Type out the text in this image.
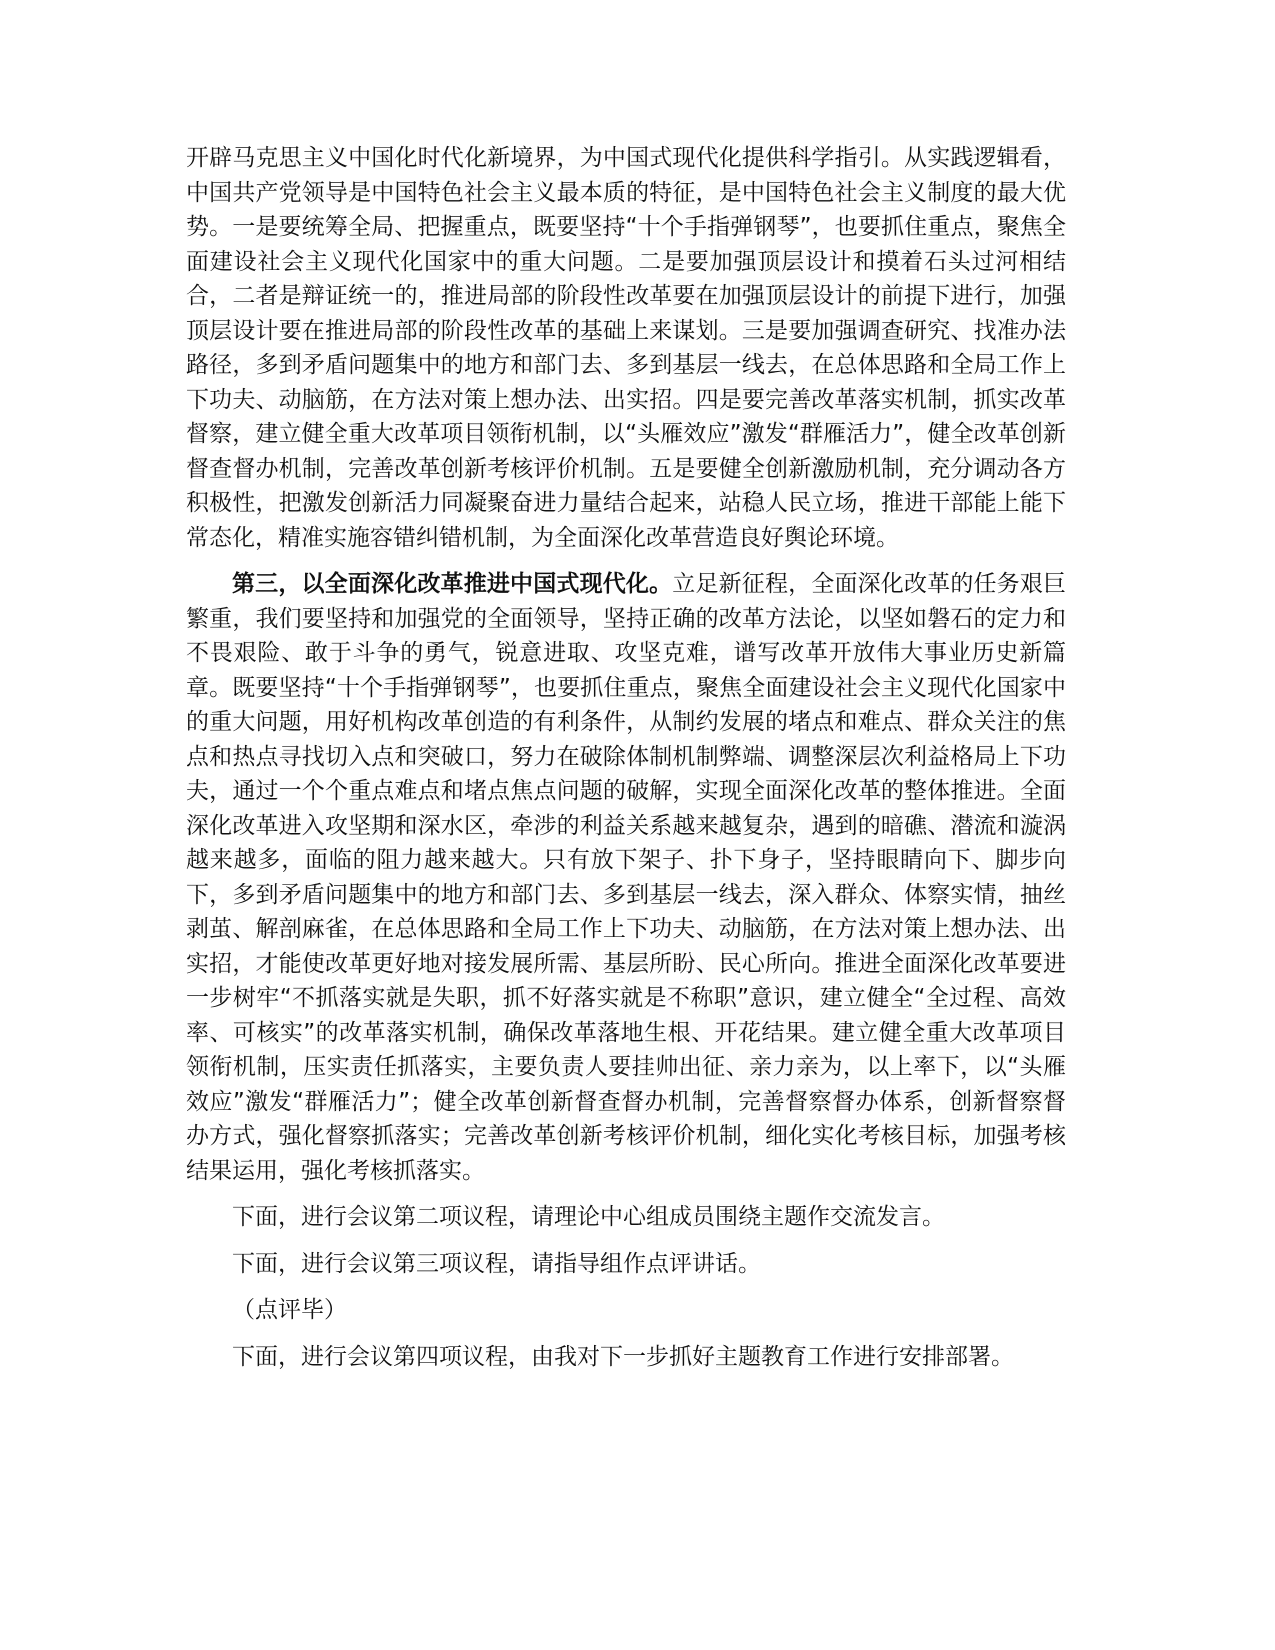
开辟马克思主义中国化时代化新境界，为中国式现代化提供科学指引。从实践逻辑看，中国共产党领导是中国特色社会主义最本质的特征，是中国特色社会主义制度的最大优势。一是要统筹全局、把握重点，既要坚持“十个手指弹钢琴”，也要抓住重点，聚焦全面建设社会主义现代化国家中的重大问题。二是要加强顶层设计和摸着石头过河相结合，二者是辩证统一的，推进局部的阶段性改革要在加强顶层设计的前提下进行，加强顶层设计要在推进局部的阶段性改革的基础上来谋划。三是要加强调查研究、找准办法路径，多到矛盾问题集中的地方和部门去、多到基层一线去，在总体思路和全局工作上下功夫、动脑筋，在方法对策上想办法、出实招。四是要完善改革落实机制，抓实改革督察，建立健全重大改革项目领衔机制，以“头雁效应”激发“群雁活力”，健全改革创新督查督办机制，完善改革创新考核评价机制。五是要健全创新激励机制，充分调动各方积极性，把激发创新活力同凝聚奋进力量结合起来，站稳人民立场，推进干部能上能下常态化，精准实施容错纠错机制，为全面深化改革营造良好舆论环境。

第三，以全面深化改革推进中国式现代化。立足新征程，全面深化改革的任务艰巨繁重，我们要坚持和加强党的全面领导，坚持正确的改革方法论，以坚如磐石的定力和不畏艰险、敢于斗争的勇气，锐意进取、攻坚克难，谱写改革开放伟大事业历史新篇章。既要坚持“十个手指弹钢琴”，也要抓住重点，聚焦全面建设社会主义现代化国家中的重大问题，用好机构改革创造的有利条件，从制约发展的堵点和难点、群众关注的焦点和热点寻找切入点和突破口，努力在破除体制机制弊端、调整深层次利益格局上下功夫，通过一个个重点难点和堵点焦点问题的破解，实现全面深化改革的整体推进。全面深化改革进入攻坚期和深水区，牵涉的利益关系越来越复杂，遇到的暗礁、潜流和漩涡越来越多，面临的阻力越来越大。只有放下架子、扑下身子，坚持眼睛向下、脚步向下，多到矛盾问题集中的地方和部门去、多到基层一线去，深入群众、体察实情，抽丝剥茧、解剖麻雀，在总体思路和全局工作上下功夫、动脑筋，在方法对策上想办法、出实招，才能使改革更好地对接发展所需、基层所盼、民心所向。推进全面深化改革要进一步树牢“不抓落实就是失职，抓不好落实就是不称职”意识，建立健全“全过程、高效率、可核实”的改革落实机制，确保改革落地生根、开花结果。建立健全重大改革项目领衔机制，压实责任抓落实，主要负责人要挂帅出征、亲力亲为，以上率下，以“头雁效应”激发“群雁活力”；健全改革创新督查督办机制，完善督察督办体系，创新督察督办方式，强化督察抓落实；完善改革创新考核评价机制，细化实化考核目标，加强考核结果运用，强化考核抓落实。

下面，进行会议第二项议程，请理论中心组成员围绕主题作交流发言。

下面，进行会议第三项议程，请指导组作点评讲话。

（点评毕）

下面，进行会议第四项议程，由我对下一步抓好主题教育工作进行安排部署。
